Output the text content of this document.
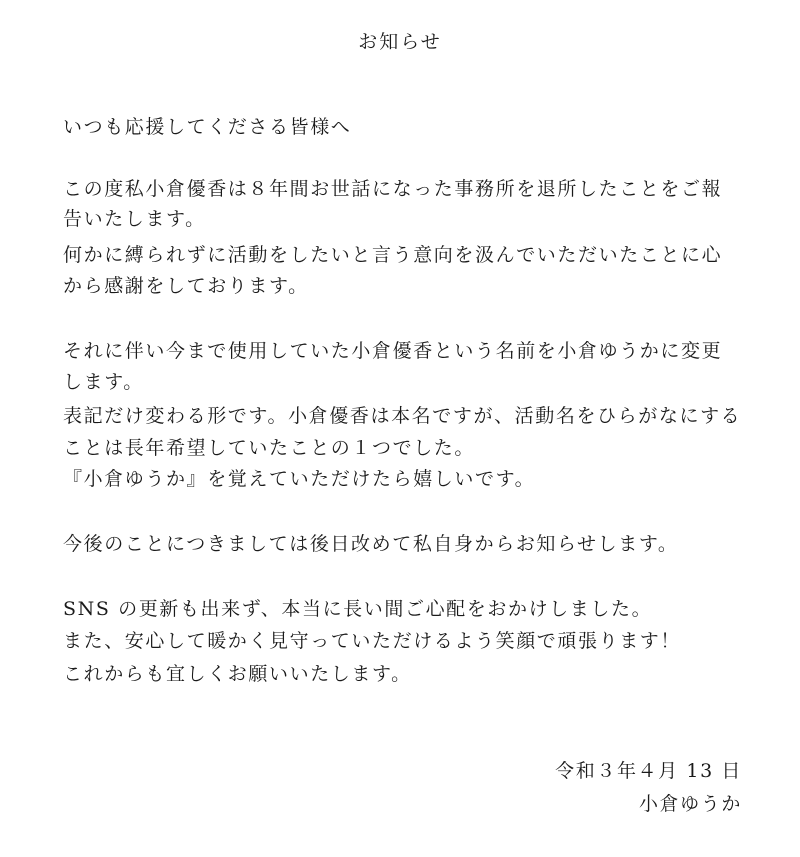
お知らせ
いつも応援してくださる皆様へ
この度私小倉優香は８年間お世話になった事務所を退所したことをご報
告いたします。
何かに縛られずに活動をしたいと言う意向を汲んでいただいたことに心
から感謝をしております。
それに伴い今まで使用していた小倉優香という名前を小倉ゆうかに変更
します。
表記だけ変わる形です。小倉優香は本名ですが、活動名をひらがなにする
ことは長年希望していたことの１つでした。
『小倉ゆうか』を覚えていただけたら嬉しいです。
今後のことにつきましては後日改めて私自身からお知らせします。
SNS の更新も出来ず、本当に長い間ご心配をおかけしました。
また、安心して暖かく見守っていただけるよう笑顔で頑張ります！
これからも宜しくお願いいたします。
令和３年４月 13 日
小倉ゆうか
